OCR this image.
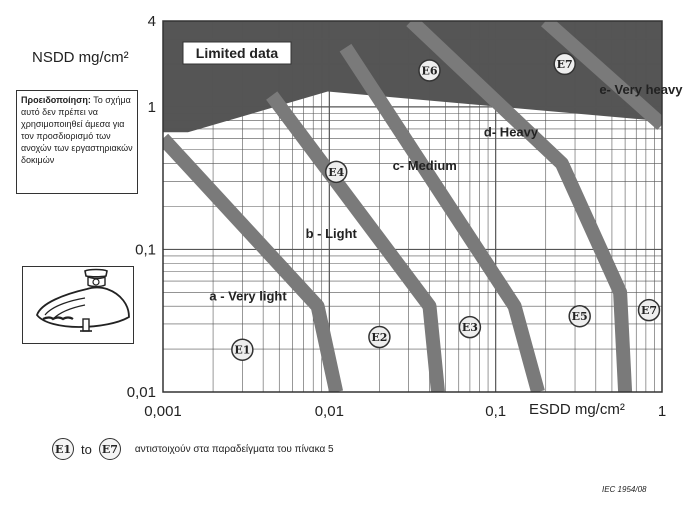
0,001	0,01	0,1	1
0,01
0,1
1
4
a - Very light
b - Light
c- Medium
d- Heavy
e- Very heavy
E1
E2
E3
E4
E5
E6
E7
E7
Limited data
NSDD mg/cm²
ESDD mg/cm²
Προειδοποίηση: Το σχήμα αυτό δεν πρέπει να χρησιμοποιηθεί άμεσα για τον προσδιορισμό των ανοχών των εργαστηριακών δοκιμών
E1 to E7 αντιστοιχούν στα παραδείγματα του πίνακα 5
IEC 1954/08
